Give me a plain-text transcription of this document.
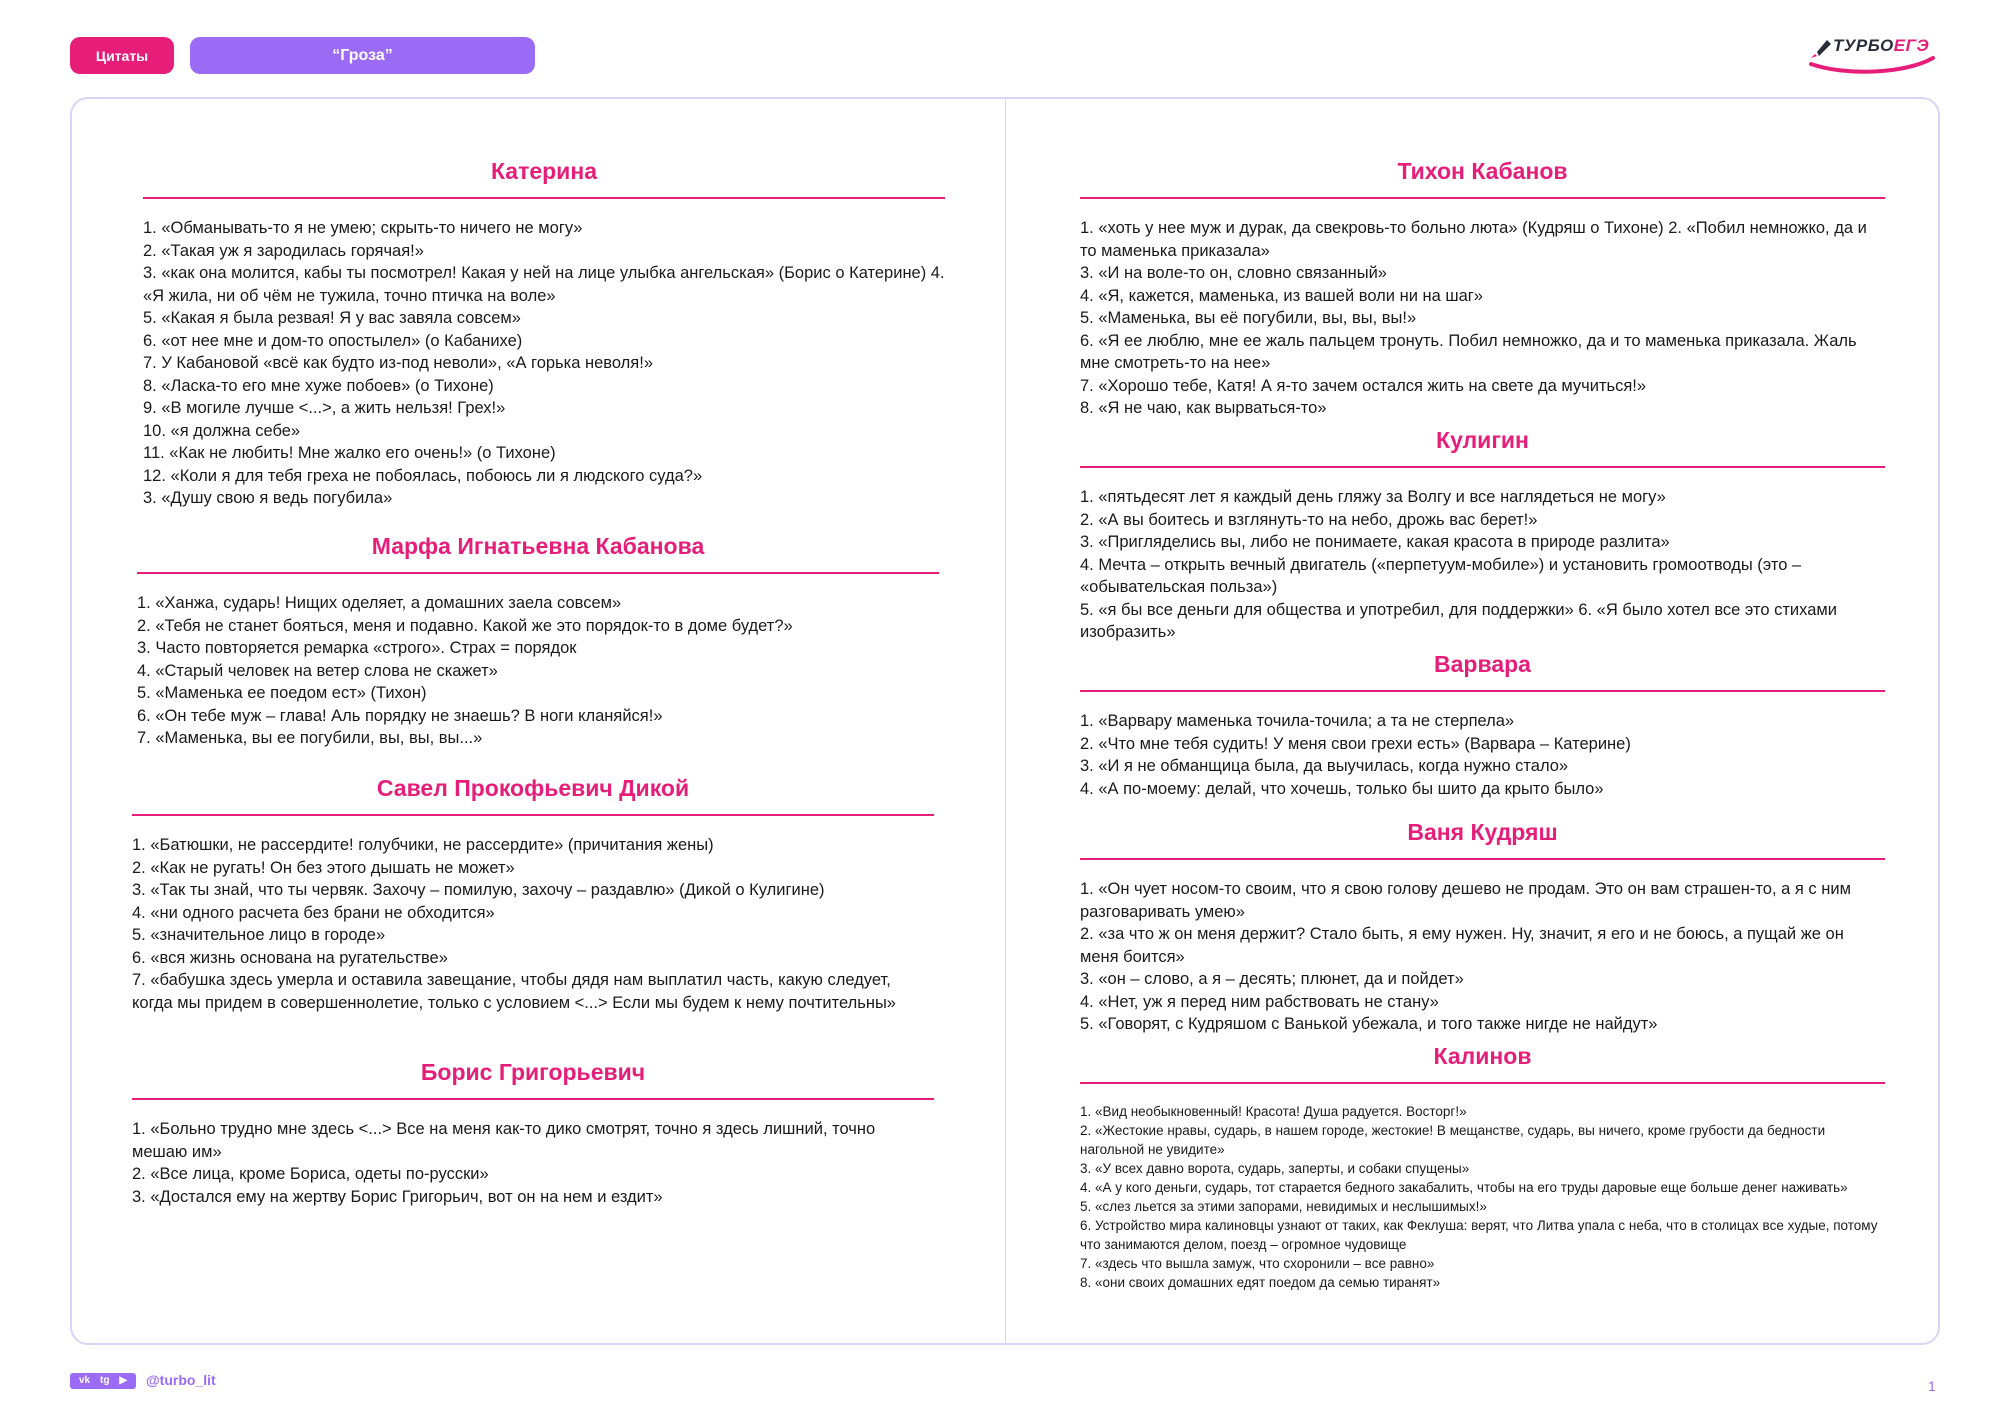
Цитаты	“Гроза”	ТУРБОЕГЭ
Катерина
1. «Обманывать-то я не умею; скрыть-то ничего не могу»
2. «Такая уж я зародилась горячая!»
3. «как она молится, кабы ты посмотрел! Какая у ней на лице улыбка ангельская» (Борис о Катерине) 4. «Я жила, ни об чём не тужила, точно птичка на воле»
5. «Какая я была резвая! Я у вас завяла совсем»
6. «от нее мне и дом-то опостылел» (о Кабанихе)
7. У Кабановой «всё как будто из-под неволи», «А горька неволя!»
8. «Ласка-то его мне хуже побоев» (о Тихоне)
9. «В могиле лучше <...>, а жить нельзя! Грех!»
10. «я должна себе»
11. «Как не любить! Мне жалко его очень!» (о Тихоне)
12. «Коли я для тебя греха не побоялась, побоюсь ли я людского суда?»
3. «Душу свою я ведь погубила»
Марфа Игнатьевна Кабанова
1. «Ханжа, сударь! Нищих оделяет, а домашних заела совсем»
2. «Тебя не станет бояться, меня и подавно. Какой же это порядок-то в доме будет?»
3. Часто повторяется ремарка «строго». Страх = порядок
4. «Старый человек на ветер слова не скажет»
5. «Маменька ее поедом ест» (Тихон)
6. «Он тебе муж – глава! Аль порядку не знаешь? В ноги кланяйся!»
7. «Маменька, вы ее погубили, вы, вы, вы...»
Савел Прокофьевич Дикой
1. «Батюшки, не рассердите! голубчики, не рассердите» (причитания жены)
2. «Как не ругать! Он без этого дышать не может»
3. «Так ты знай, что ты червяк. Захочу – помилую, захочу – раздавлю» (Дикой о Кулигине)
4. «ни одного расчета без брани не обходится»
5. «значительное лицо в городе»
6. «вся жизнь основана на ругательстве»
7. «бабушка здесь умерла и оставила завещание, чтобы дядя нам выплатил часть, какую следует, когда мы придем в совершеннолетие, только с условием <...> Если мы будем к нему почтительны»
Борис Григорьевич
1. «Больно трудно мне здесь <...> Все на меня как-то дико смотрят, точно я здесь лишний, точно мешаю им»
2. «Все лица, кроме Бориса, одеты по-русски»
3. «Достался ему на жертву Борис Григорьич, вот он на нем и ездит»
Тихон Кабанов
1. «хоть у нее муж и дурак, да свекровь-то больно люта» (Кудряш о Тихоне) 2. «Побил немножко, да и то маменька приказала»
3. «И на воле-то он, словно связанный»
4. «Я, кажется, маменька, из вашей воли ни на шаг»
5. «Маменька, вы её погубили, вы, вы, вы!»
6. «Я ее люблю, мне ее жаль пальцем тронуть. Побил немножко, да и то маменька приказала. Жаль мне смотреть-то на нее»
7. «Хорошо тебе, Катя! А я-то зачем остался жить на свете да мучиться!»
8. «Я не чаю, как вырваться-то»
Кулигин
1. «пятьдесят лет я каждый день гляжу за Волгу и все наглядеться не могу»
2. «А вы боитесь и взглянуть-то на небо, дрожь вас берет!»
3. «Пригляделись вы, либо не понимаете, какая красота в природе разлита»
4. Мечта – открыть вечный двигатель («перпетуум-мобиле») и установить громоотводы (это – «обывательская польза»)
5. «я бы все деньги для общества и употребил, для поддержки» 6. «Я было хотел все это стихами изобразить»
Варвара
1. «Варвару маменька точила-точила; а та не стерпела»
2. «Что мне тебя судить! У меня свои грехи есть» (Варвара – Катерине)
3. «И я не обманщица была, да выучилась, когда нужно стало»
4. «А по-моему: делай, что хочешь, только бы шито да крыто было»
Ваня Кудряш
1. «Он чует носом-то своим, что я свою голову дешево не продам. Это он вам страшен-то, а я с ним разговаривать умею»
2. «за что ж он меня держит? Стало быть, я ему нужен. Ну, значит, я его и не боюсь, а пущай же он меня боится»
3. «он – слово, а я – десять; плюнет, да и пойдет»
4. «Нет, уж я перед ним рабствовать не стану»
5. «Говорят, с Кудряшом с Ванькой убежала, и того также нигде не найдут»
Калинов
1. «Вид необыкновенный! Красота! Душа радуется. Восторг!»
2. «Жестокие нравы, сударь, в нашем городе, жестокие! В мещанстве, сударь, вы ничего, кроме грубости да бедности нагольной не увидите»
3. «У всех давно ворота, сударь, заперты, и собаки спущены»
4. «А у кого деньги, сударь, тот старается бедного закабалить, чтобы на его труды даровые еще больше денег наживать»
5. «слез льется за этими запорами, невидимых и неслышимых!»
6. Устройство мира калиновцы узнают от таких, как Феклуша: верят, что Литва упала с неба, что в столицах все худые, потому что занимаются делом, поезд – огромное чудовище
7. «здесь что вышла замуж, что схоронили – все равно»
8. «они своих домашних едят поедом да семью тиранят»
vk tg ▶ @turbo_lit	1
